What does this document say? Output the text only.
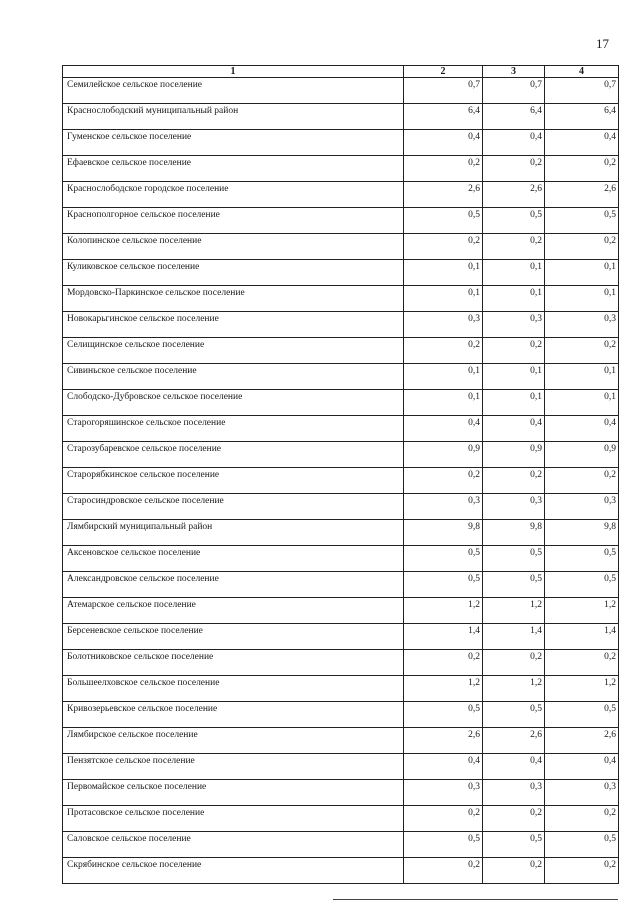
17
1	2	3	4
Семилейское сельское поселение	0,7	0,7	0,7
Краснослободский муниципальный район	6,4	6,4	6,4
Гуменское сельское поселение	0,4	0,4	0,4
Ефаевское сельское поселение	0,2	0,2	0,2
Краснослободское городское поселение	2,6	2,6	2,6
Краснополгорное сельское поселение	0,5	0,5	0,5
Колопинское сельское поселение	0,2	0,2	0,2
Куликовское сельское поселение	0,1	0,1	0,1
Мордовско-Паркинское сельское поселение	0,1	0,1	0,1
Новокарьгинское сельское поселение	0,3	0,3	0,3
Селищинское сельское поселение	0,2	0,2	0,2
Сивиньское сельское поселение	0,1	0,1	0,1
Слободско-Дубровское сельское поселение	0,1	0,1	0,1
Старогоряшинское сельское поселение	0,4	0,4	0,4
Старозубаревское сельское поселение	0,9	0,9	0,9
Старорябкинское сельское поселение	0,2	0,2	0,2
Старосиндровское сельское поселение	0,3	0,3	0,3
Лямбирский муниципальный район	9,8	9,8	9,8
Аксеновское сельское поселение	0,5	0,5	0,5
Александровское сельское поселение	0,5	0,5	0,5
Атемарское сельское поселение	1,2	1,2	1,2
Берсеневское сельское поселение	1,4	1,4	1,4
Болотниковское сельское поселение	0,2	0,2	0,2
Большеелховское сельское поселение	1,2	1,2	1,2
Кривозерьевское сельское поселение	0,5	0,5	0,5
Лямбирское сельское поселение	2,6	2,6	2,6
Пензятское сельское поселение	0,4	0,4	0,4
Первомайское сельское поселение	0,3	0,3	0,3
Протасовское сельское поселение	0,2	0,2	0,2
Саловское сельское поселение	0,5	0,5	0,5
Скрябинское сельское поселение	0,2	0,2	0,2
